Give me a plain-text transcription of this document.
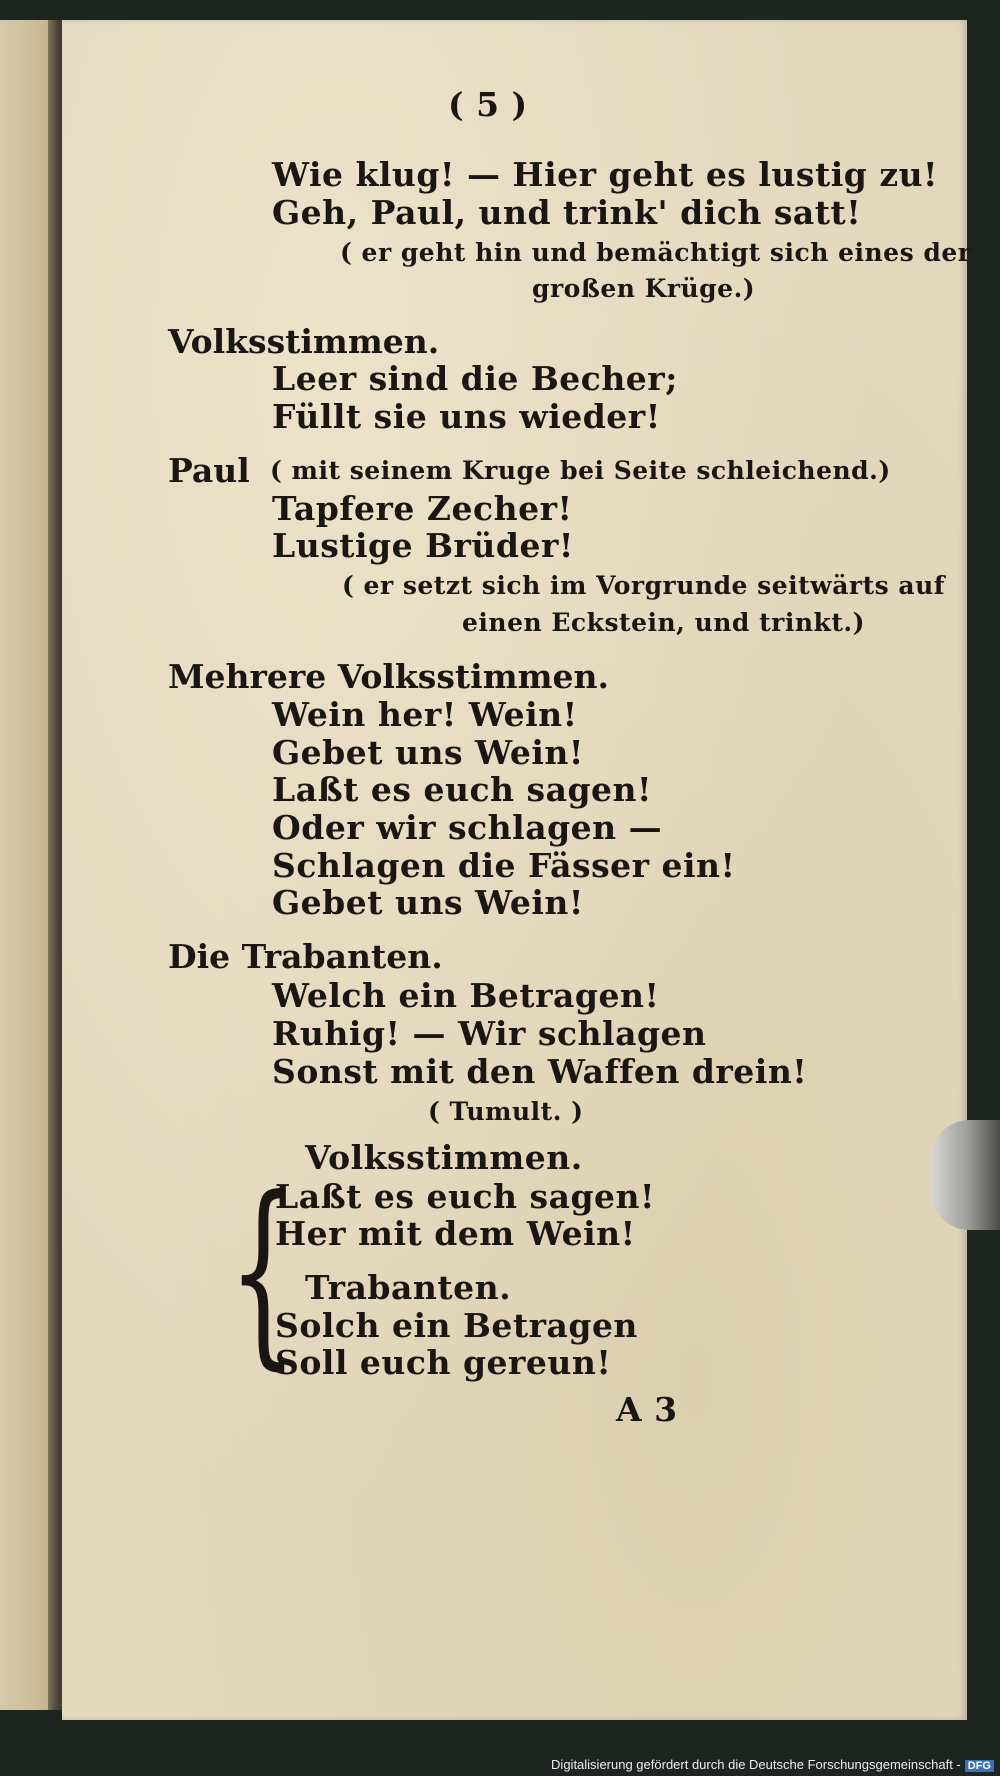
( 5 )
Wie klug! — Hier geht es lustig zu!
Geh, Paul, und trink' dich satt!
( er geht hin und bemächtigt sich eines der
großen Krüge.)
Volksstimmen.
Leer sind die Becher;
Füllt sie uns wieder!
Paul ( mit seinem Kruge bei Seite schleichend.)
Tapfere Zecher!
Lustige Brüder!
( er setzt sich im Vorgrunde seitwärts auf
einen Eckstein, und trinkt.)
Mehrere Volksstimmen.
Wein her! Wein!
Gebet uns Wein!
Laßt es euch sagen!
Oder wir schlagen —
Schlagen die Fässer ein!
Gebet uns Wein!
Die Trabanten.
Welch ein Betragen!
Ruhig! — Wir schlagen
Sonst mit den Waffen drein!
( Tumult. )
Volksstimmen.
{
Laßt es euch sagen!
Her mit dem Wein!
Trabanten.
Solch ein Betragen
Soll euch gereun!
A 3
Digitalisierung gefördert durch die Deutsche Forschungsgemeinschaft - DFG
